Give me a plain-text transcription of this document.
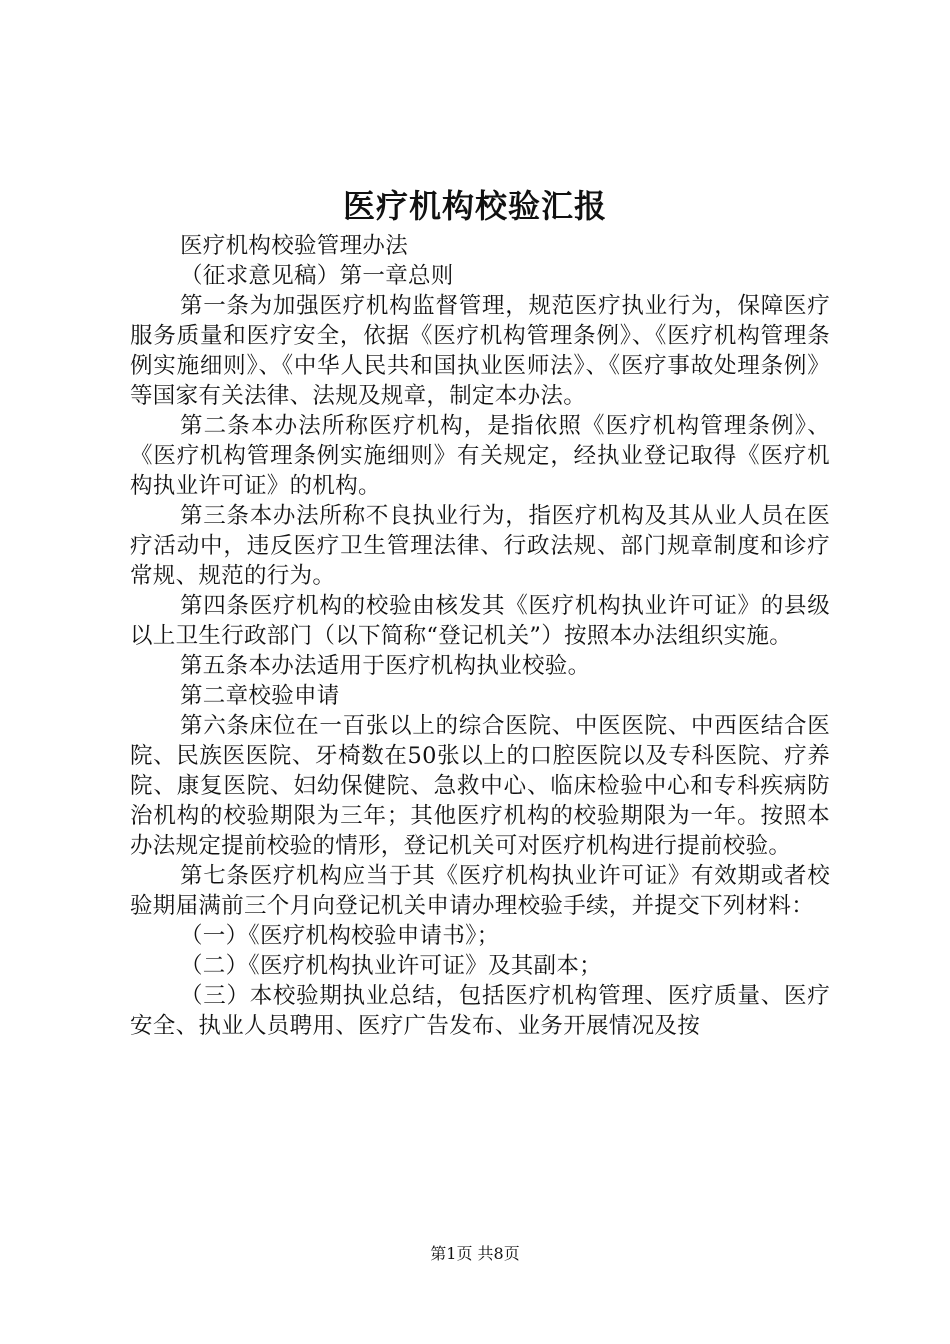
医疗机构校验汇报

医疗机构校验管理办法

（征求意见稿）第一章总则

第一条为加强医疗机构监督管理，规范医疗执业行为，保障医疗服务质量和医疗安全，依据《医疗机构管理条例》、《医疗机构管理条例实施细则》、《中华人民共和国执业医师法》、《医疗事故处理条例》等国家有关法律、法规及规章，制定本办法。

第二条本办法所称医疗机构，是指依照《医疗机构管理条例》、《医疗机构管理条例实施细则》有关规定，经执业登记取得《医疗机构执业许可证》的机构。

第三条本办法所称不良执业行为，指医疗机构及其从业人员在医疗活动中，违反医疗卫生管理法律、行政法规、部门规章制度和诊疗常规、规范的行为。

第四条医疗机构的校验由核发其《医疗机构执业许可证》的县级以上卫生行政部门（以下简称“登记机关”）按照本办法组织实施。

第五条本办法适用于医疗机构执业校验。

第二章校验申请

第六条床位在一百张以上的综合医院、中医医院、中西医结合医院、民族医医院、牙椅数在50张以上的口腔医院以及专科医院、疗养院、康复医院、妇幼保健院、急救中心、临床检验中心和专科疾病防治机构的校验期限为三年；其他医疗机构的校验期限为一年。按照本办法规定提前校验的情形，登记机关可对医疗机构进行提前校验。

第七条医疗机构应当于其《医疗机构执业许可证》有效期或者校验期届满前三个月向登记机关申请办理校验手续，并提交下列材料：

（一）《医疗机构校验申请书》；

（二）《医疗机构执业许可证》及其副本；

（三）本校验期执业总结，包括医疗机构管理、医疗质量、医疗安全、执业人员聘用、医疗广告发布、业务开展情况及按

第1页 共8页
